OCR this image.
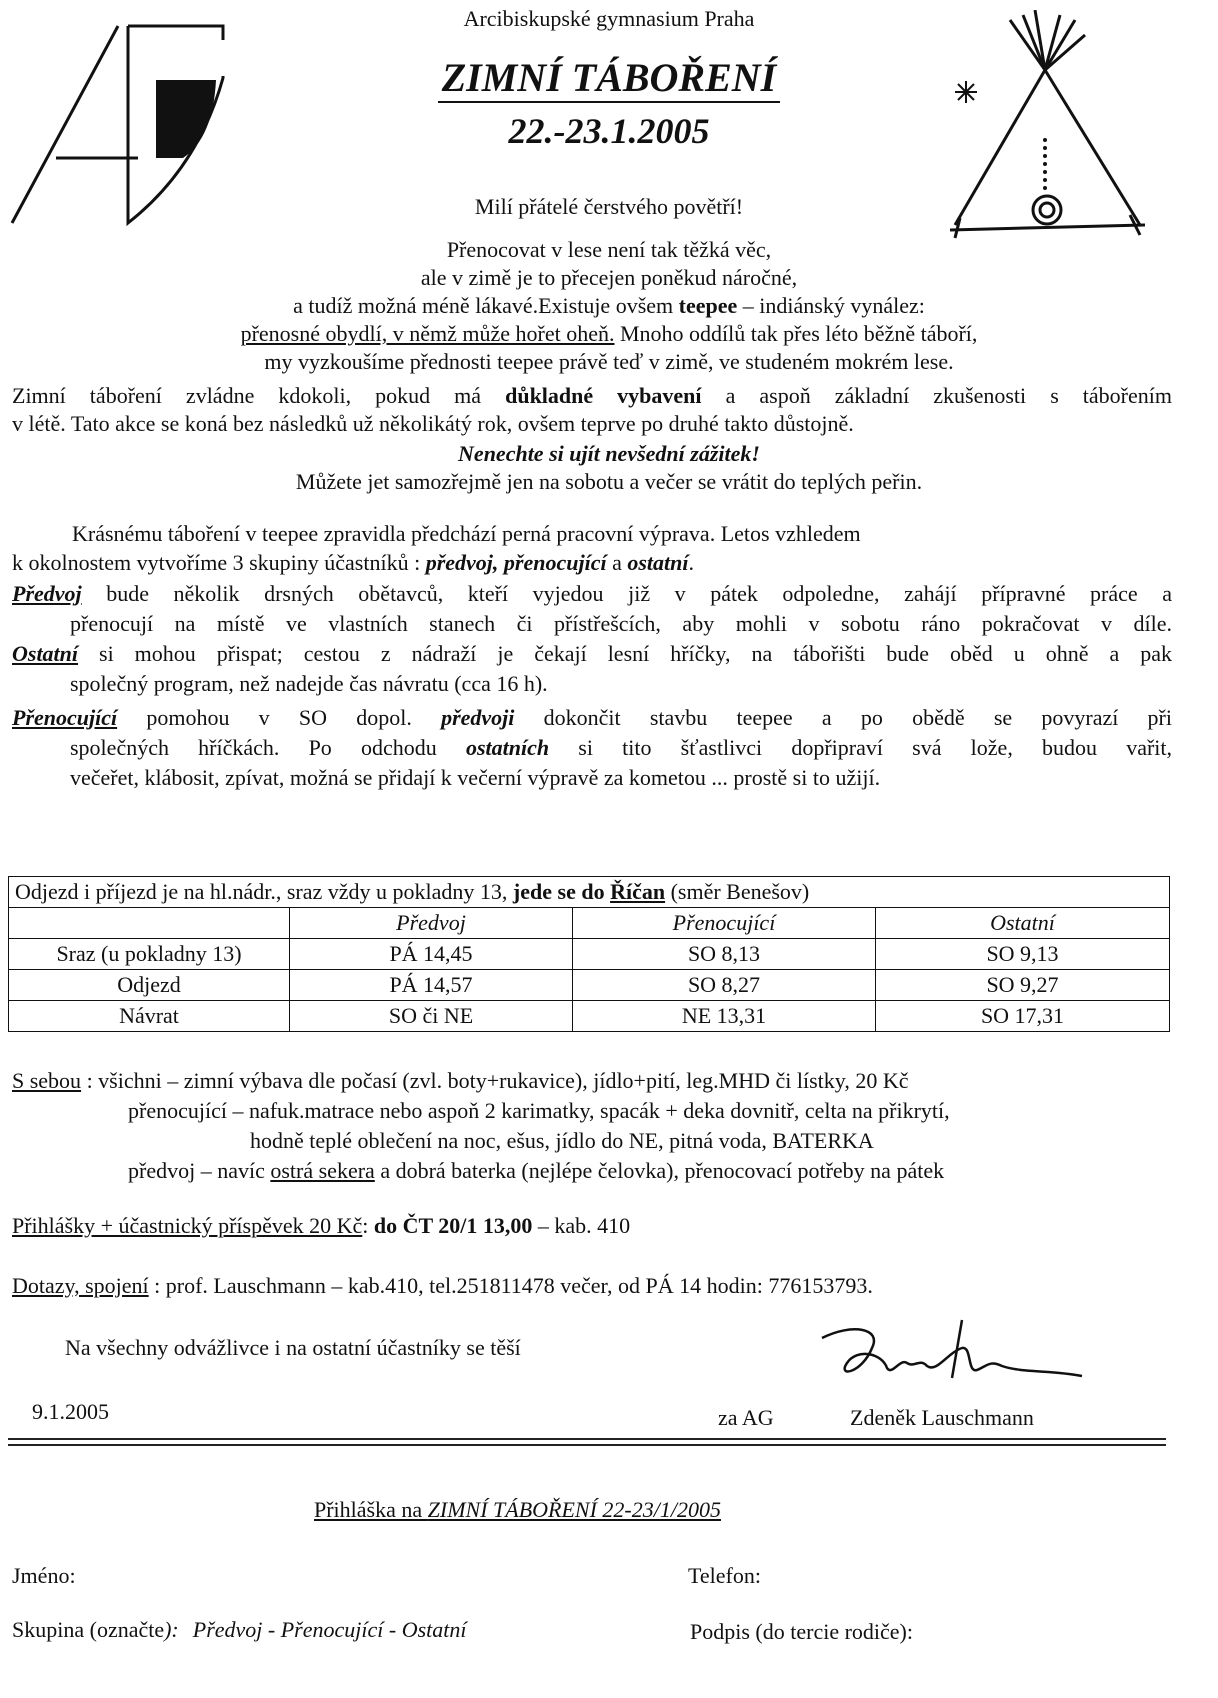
Arcibiskupské gymnasium Praha
ZIMNÍ TÁBOŘENÍ
22.-23.1.2005
Milí přátelé čerstvého povětří!
Přenocovat v lese není tak těžká věc,
ale v zimě je to přecejen poněkud náročné,
a tudíž možná méně lákavé.Existuje ovšem teepee – indiánský vynález:
přenosné obydlí, v němž může hořet oheň. Mnoho oddílů tak přes léto běžně táboří,
my vyzkoušíme přednosti teepee právě teď v zimě, ve studeném mokrém lese.
Zimní táboření zvládne kdokoli, pokud má důkladné vybavení a aspoň základní zkušenosti s tábořením
v létě. Tato akce se koná bez následků už několikátý rok, ovšem teprve po druhé takto důstojně.
Nenechte si ujít nevšední zážitek!
Můžete jet samozřejmě jen na sobotu a večer se vrátit do teplých peřin.
Krásnému táboření v teepee zpravidla předchází perná pracovní výprava. Letos vzhledem
k okolnostem vytvoříme 3 skupiny účastníků : předvoj, přenocující a ostatní.
Předvoj bude několik drsných obětavců, kteří vyjedou již v pátek odpoledne, zahájí přípravné práce a
přenocují na místě ve vlastních stanech či přístřešcích, aby mohli v sobotu ráno pokračovat v díle.
Ostatní si mohou přispat; cestou z nádraží je čekají lesní hříčky, na tábořišti bude oběd u ohně a pak
společný program, než nadejde čas návratu (cca 16 h).
Přenocující pomohou v SO dopol. předvoji dokončit stavbu teepee a po obědě se povyrazí při
společných hříčkách. Po odchodu ostatních si tito šťastlivci dopřipraví svá lože, budou vařit,
večeřet, klábosit, zpívat, možná se přidají k večerní výpravě za kometou ... prostě si to užijí.
Odjezd i příjezd je na hl.nádr., sraz vždy u pokladny 13, jede se do Říčan (směr Benešov)			
	Předvoj	Přenocující	Ostatní
Sraz (u pokladny 13)	PÁ 14,45	SO 8,13	SO 9,13
Odjezd	PÁ 14,57	SO 8,27	SO 9,27
Návrat	SO či NE	NE 13,31	SO 17,31
S sebou : všichni – zimní výbava dle počasí (zvl. boty+rukavice), jídlo+pití, leg.MHD či lístky, 20 Kč
přenocující – nafuk.matrace nebo aspoň 2 karimatky, spacák + deka dovnitř, celta na přikrytí,
hodně teplé oblečení na noc, ešus, jídlo do NE, pitná voda, BATERKA
předvoj – navíc ostrá sekera a dobrá baterka (nejlépe čelovka), přenocovací potřeby na pátek
Přihlášky + účastnický příspěvek 20 Kč: do ČT 20/1 13,00 – kab. 410
Dotazy, spojení : prof. Lauschmann – kab.410, tel.251811478 večer, od PÁ 14 hodin: 776153793.
Na všechny odvážlivce i na ostatní účastníky se těší
9.1.2005	za AG	Zdeněk Lauschmann
Přihláška na ZIMNÍ TÁBOŘENÍ 22-23/1/2005
Jméno:	Telefon:
Skupina (označte): Předvoj - Přenocující - Ostatní	Podpis (do tercie rodiče):
